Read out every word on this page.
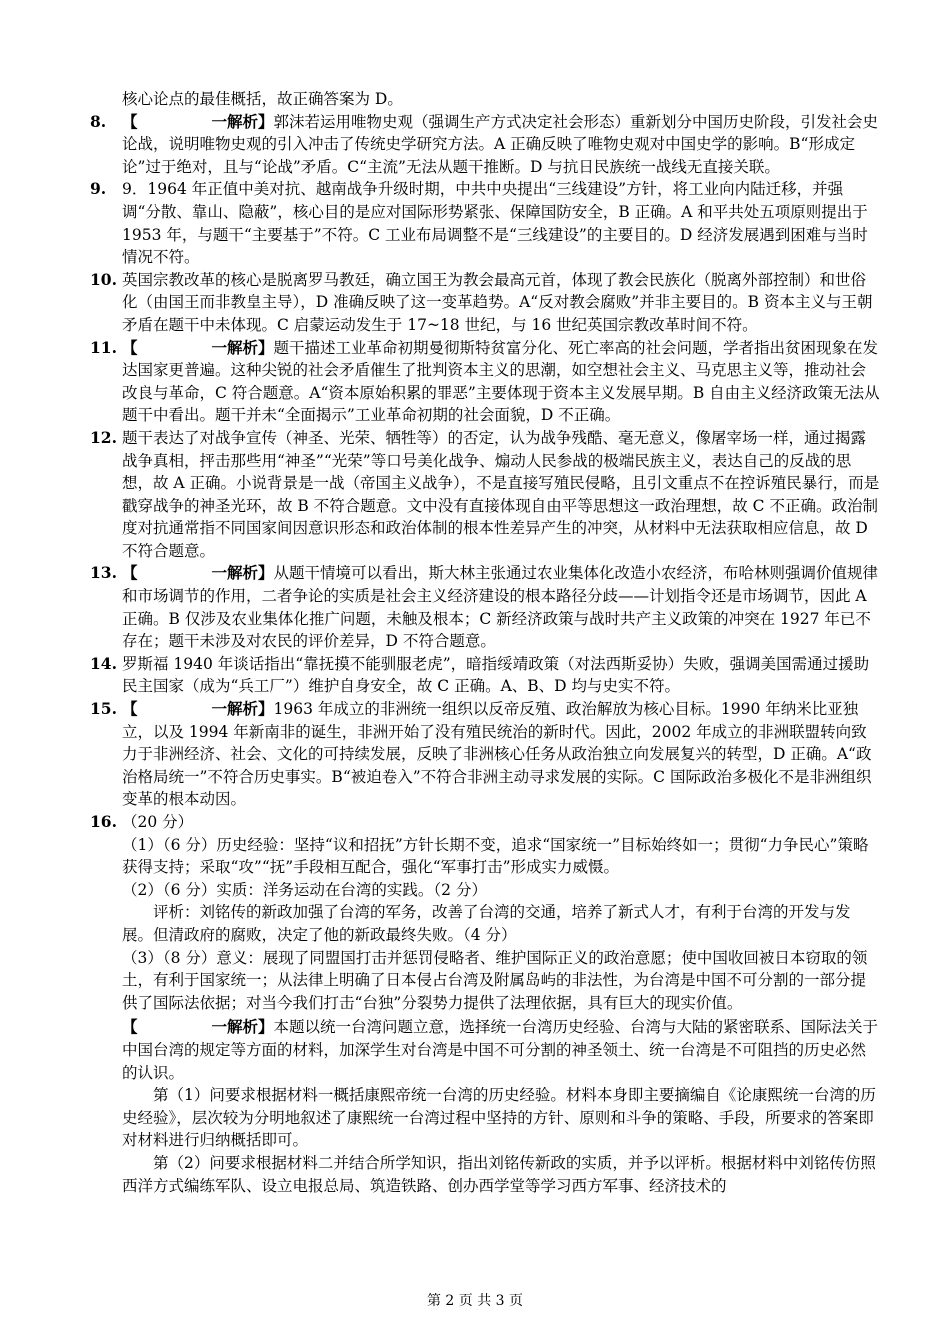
核心论点的最佳概括，故正确答案为 D。

8. 【	一解析】郭沫若运用唯物史观（强调生产方式决定社会形态）重新划分中国历史阶段，引发社会史论战，说明唯物史观的引入冲击了传统史学研究方法。A 正确反映了唯物史观对中国史学的影响。B“形成定论”过于绝对，且与“论战”矛盾。C“主流”无法从题干推断。D 与抗日民族统一战线无直接关联。
9. 9．1964 年正值中美对抗、越南战争升级时期，中共中央提出“三线建设”方针，将工业向内陆迁移，并强调“分散、靠山、隐蔽”，核心目的是应对国际形势紧张、保障国防安全，B 正确。A 和平共处五项原则提出于 1953 年，与题干“主要基于”不符。C 工业布局调整不是“三线建设”的主要目的。D 经济发展遇到困难与当时情况不符。
10. 英国宗教改革的核心是脱离罗马教廷，确立国王为教会最高元首，体现了教会民族化（脱离外部控制）和世俗化（由国王而非教皇主导），D 准确反映了这一变革趋势。A“反对教会腐败”并非主要目的。B 资本主义与王朝矛盾在题干中未体现。C 启蒙运动发生于 17~18 世纪，与 16 世纪英国宗教改革时间不符。
11. 【	一解析】题干描述工业革命初期曼彻斯特贫富分化、死亡率高的社会问题，学者指出贫困现象在发达国家更普遍。这种尖锐的社会矛盾催生了批判资本主义的思潮，如空想社会主义、马克思主义等，推动社会改良与革命，C 符合题意。A“资本原始积累的罪恶”主要体现于资本主义发展早期。B 自由主义经济政策无法从题干中看出。题干并未“全面揭示”工业革命初期的社会面貌，D 不正确。
12. 题干表达了对战争宣传（神圣、光荣、牺牲等）的否定，认为战争残酷、毫无意义，像屠宰场一样，通过揭露战争真相，抨击那些用“神圣”“光荣”等口号美化战争、煽动人民参战的极端民族主义，表达自己的反战的思想，故 A 正确。小说背景是一战（帝国主义战争），不是直接写殖民侵略，且引文重点不在控诉殖民暴行，而是戳穿战争的神圣光环，故 B 不符合题意。文中没有直接体现自由平等思想这一政治理想，故 C 不正确。政治制度对抗通常指不同国家间因意识形态和政治体制的根本性差异产生的冲突，从材料中无法获取相应信息，故 D 不符合题意。
13. 【	一解析】从题干情境可以看出，斯大林主张通过农业集体化改造小农经济，布哈林则强调价值规律和市场调节的作用，二者争论的实质是社会主义经济建设的根本路径分歧——计划指令还是市场调节，因此 A 正确。B 仅涉及农业集体化推广问题，未触及根本；C 新经济政策与战时共产主义政策的冲突在 1927 年已不存在；题干未涉及对农民的评价差异，D 不符合题意。
14. 罗斯福 1940 年谈话指出“靠抚摸不能驯服老虎”，暗指绥靖政策（对法西斯妥协）失败，强调美国需通过援助民主国家（成为“兵工厂”）维护自身安全，故 C 正确。A、B、D 均与史实不符。
15. 【	一解析】1963 年成立的非洲统一组织以反帝反殖、政治解放为核心目标。1990 年纳米比亚独立，以及 1994 年新南非的诞生，非洲开始了没有殖民统治的新时代。因此，2002 年成立的非洲联盟转向致力于非洲经济、社会、文化的可持续发展，反映了非洲核心任务从政治独立向发展复兴的转型，D 正确。A“政治格局统一”不符合历史事实。B“被迫卷入”不符合非洲主动寻求发展的实际。C 国际政治多极化不是非洲组织变革的根本动因。
16. （20 分）

（1）（6 分）历史经验：坚持“议和招抚”方针长期不变，追求“国家统一”目标始终如一；贯彻“力争民心”策略获得支持；采取“攻”“抚”手段相互配合，强化“军事打击”形成实力威慑。

（2）（6 分）实质：洋务运动在台湾的实践。（2 分）

评析：刘铭传的新政加强了台湾的军务，改善了台湾的交通，培养了新式人才，有利于台湾的开发与发展。但清政府的腐败，决定了他的新政最终失败。（4 分）

（3）（8 分）意义：展现了同盟国打击并惩罚侵略者、维护国际正义的政治意愿；使中国收回被日本窃取的领土，有利于国家统一；从法律上明确了日本侵占台湾及附属岛屿的非法性，为台湾是中国不可分割的一部分提供了国际法依据；对当今我们打击“台独”分裂势力提供了法理依据，具有巨大的现实价值。

【	一解析】本题以统一台湾问题立意，选择统一台湾历史经验、台湾与大陆的紧密联系、国际法关于中国台湾的规定等方面的材料，加深学生对台湾是中国不可分割的神圣领土、统一台湾是不可阻挡的历史必然的认识。

第（1）问要求根据材料一概括康熙帝统一台湾的历史经验。材料本身即主要摘编自《论康熙统一台湾的历史经验》，层次较为分明地叙述了康熙统一台湾过程中坚持的方针、原则和斗争的策略、手段，所要求的答案即对材料进行归纳概括即可。

第（2）问要求根据材料二并结合所学知识，指出刘铭传新政的实质，并予以评析。根据材料中刘铭传仿照西洋方式编练军队、设立电报总局、筑造铁路、创办西学堂等学习西方军事、经济技术的

第 2 页 共 3 页
